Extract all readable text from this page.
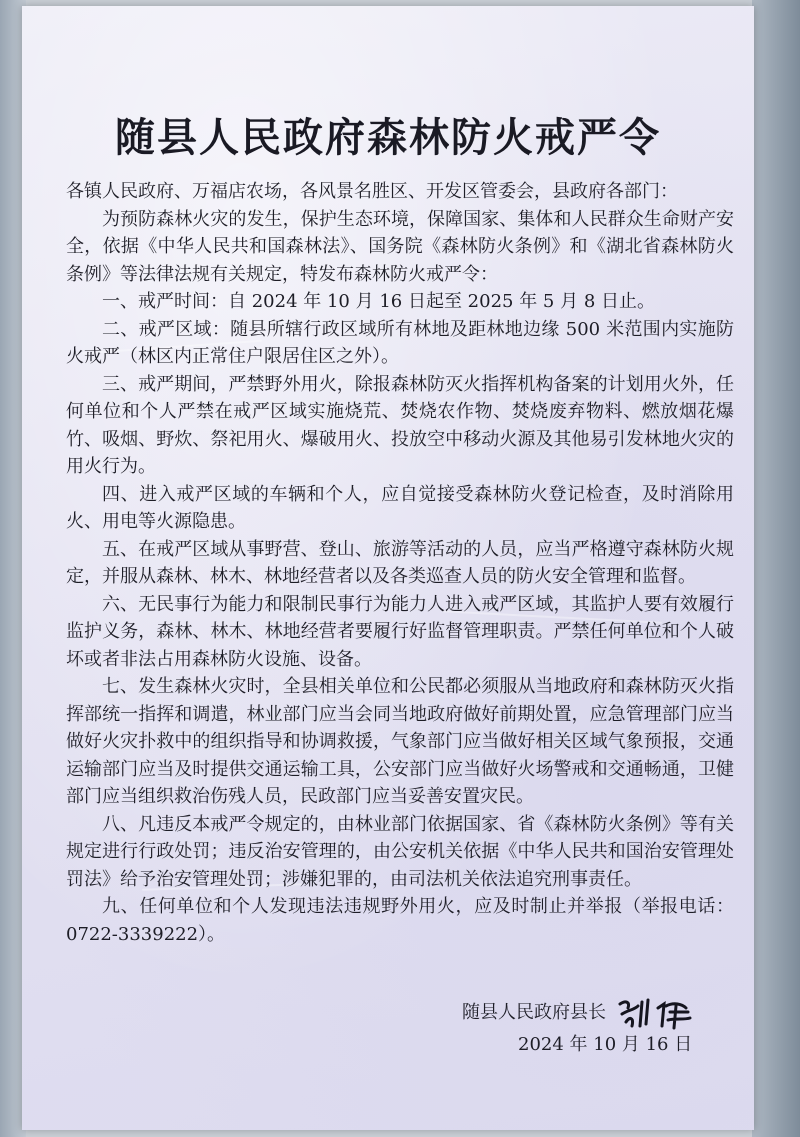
随县人民政府森林防火戒严令

各镇人民政府、万福店农场，各风景名胜区、开发区管委会，县政府各部门：

为预防森林火灾的发生，保护生态环境，保障国家、集体和人民群众生命财产安全，依据《中华人民共和国森林法》、国务院《森林防火条例》和《湖北省森林防火条例》等法律法规有关规定，特发布森林防火戒严令：

一、戒严时间：自 2024 年 10 月 16 日起至 2025 年 5 月 8 日止。

二、戒严区域：随县所辖行政区域所有林地及距林地边缘 500 米范围内实施防火戒严（林区内正常住户限居住区之外）。

三、戒严期间，严禁野外用火，除报森林防灭火指挥机构备案的计划用火外，任何单位和个人严禁在戒严区域实施烧荒、焚烧农作物、焚烧废弃物料、燃放烟花爆竹、吸烟、野炊、祭祀用火、爆破用火、投放空中移动火源及其他易引发林地火灾的用火行为。

四、进入戒严区域的车辆和个人，应自觉接受森林防火登记检查，及时消除用火、用电等火源隐患。

五、在戒严区域从事野营、登山、旅游等活动的人员，应当严格遵守森林防火规定，并服从森林、林木、林地经营者以及各类巡查人员的防火安全管理和监督。

六、无民事行为能力和限制民事行为能力人进入戒严区域，其监护人要有效履行监护义务，森林、林木、林地经营者要履行好监督管理职责。严禁任何单位和个人破坏或者非法占用森林防火设施、设备。

七、发生森林火灾时，全县相关单位和公民都必须服从当地政府和森林防灭火指挥部统一指挥和调遣，林业部门应当会同当地政府做好前期处置，应急管理部门应当做好火灾扑救中的组织指导和协调救援，气象部门应当做好相关区域气象预报，交通运输部门应当及时提供交通运输工具，公安部门应当做好火场警戒和交通畅通，卫健部门应当组织救治伤残人员，民政部门应当妥善安置灾民。

八、凡违反本戒严令规定的，由林业部门依据国家、省《森林防火条例》等有关规定进行行政处罚；违反治安管理的，由公安机关依据《中华人民共和国治安管理处罚法》给予治安管理处罚；涉嫌犯罪的，由司法机关依法追究刑事责任。

九、任何单位和个人发现违法违规野外用火，应及时制止并举报（举报电话：0722-3339222）。

随县人民政府县长
2024 年 10 月 16 日
